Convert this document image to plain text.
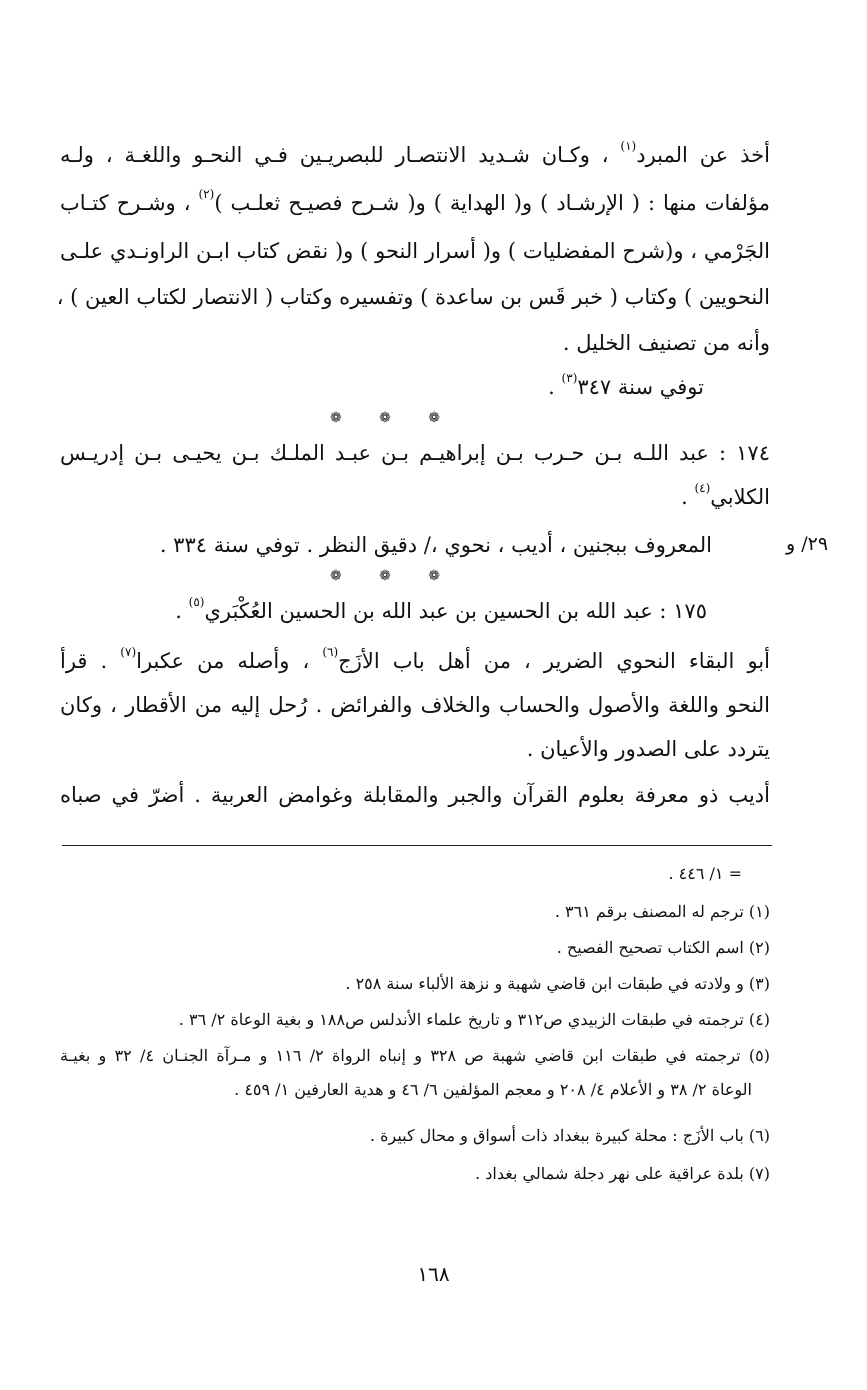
أخذ عن المبرد$^{(١)}$ ، وكـان شـديد الانتصـار للبصريـين فـي النحـو واللغـة ، ولـه
مؤلفات منها : ( الإرشـاد ) و( الهداية ) و( شـرح فصيـح ثعلـب )$^{(٢)}$ ، وشـرح كتـاب
الجَرْمي ، و(شرح المفضليات ) و( أسرار النحو ) و( نقض كتاب ابـن الراونـدي علـى
النحويين ) وكتاب ( خبر قَس بن ساعدة ) وتفسيره وكتاب ( الانتصار لكتاب العين ) ،
وأنه من تصنيف الخليل .
توفي سنة ٣٤٧$^{(٣)}$ .
❁	❁	❁
١٧٤ : عبد اللـه بـن حـرب بـن إبراهيـم بـن عبـد الملـك بـن يحيـى بـن إدريـس
الكلابي$^{(٤)}$ .
المعروف ببجنين ، أديب ، نحوي ،/ دقيق النظر . توفي سنة ٣٣٤ .	٢٩/ و
❁	❁	❁
١٧٥ : عبد الله بن الحسين بن عبد الله بن الحسين العُكْبَري$^{(٥)}$ .
أبو البقاء النحوي الضرير ، من أهل باب الأزَج$^{(٦)}$ ، وأصله من عكبرا$^{(٧)}$ . قرأ
النحو واللغة والأصول والحساب والخلاف والفرائض . رُحل إليه من الأقطار ، وكان
يتردد على الصدور والأعيان .
أديب ذو معرفة بعلوم القرآن والجبر والمقابلة وغوامض العربية . أضرّ في صباه
= ١/ ٤٤٦ .
(١) ترجم له المصنف برقم ٣٦١ .
(٢) اسم الكتاب تصحيح الفصيح .
(٣) و ولادته في طبقات ابن قاضي شهبة و نزهة الألباء سنة ٢٥٨ .
(٤) ترجمته في طبقات الزبيدي ص٣١٢ و تاريخ علماء الأندلس ص١٨٨ و بغية الوعاة ٢/ ٣٦ .
(٥) ترجمته في طبقات ابن قاضي شهبة ص ٣٢٨ و إنباه الرواة ٢/ ١١٦ و مـرآة الجنـان ٤/ ٣٢ و بغيـة
الوعاة ٢/ ٣٨ و الأعلام ٤/ ٢٠٨ و معجم المؤلفين ٦/ ٤٦ و هدية العارفين ١/ ٤٥٩ .
(٦) باب الأزَج : محلة كبيرة ببغداد ذات أسواق و محال كبيرة .
(٧) بلدة عراقية على نهر دجلة شمالي بغداد .
١٦٨
